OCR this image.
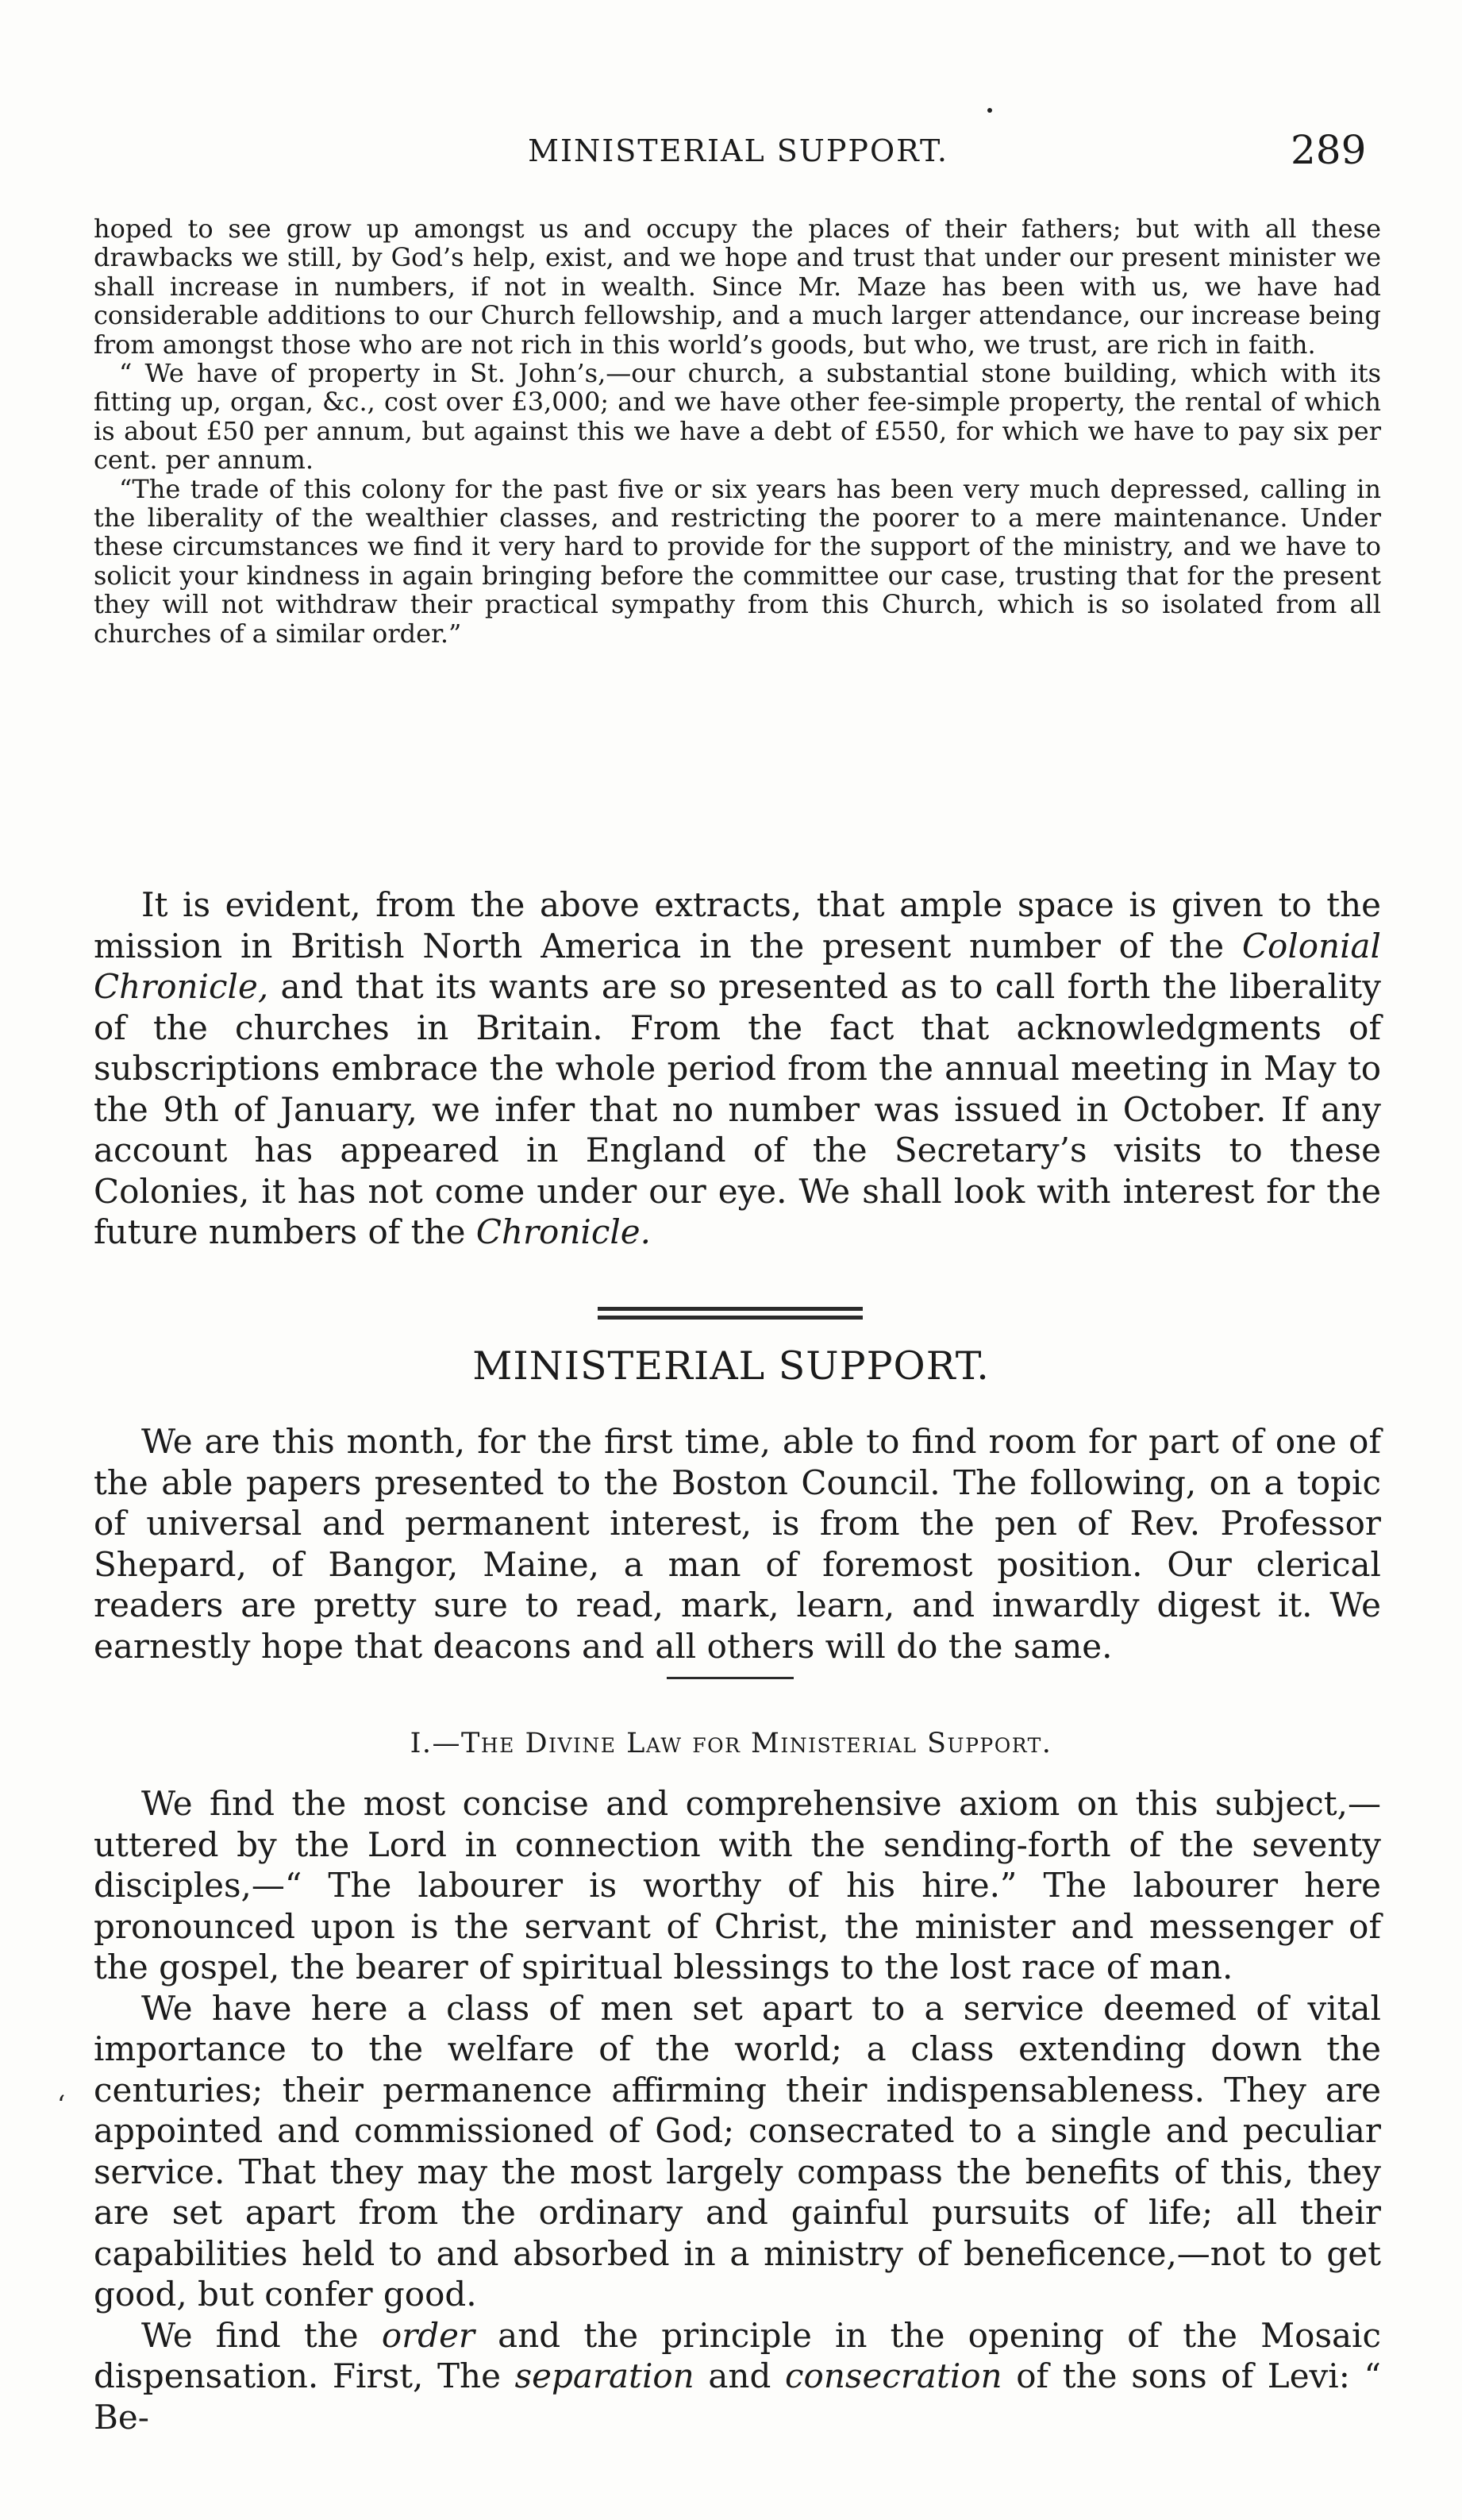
MINISTERIAL SUPPORT.	289

hoped to see grow up amongst us and occupy the places of their fathers; but with all these drawbacks we still, by God’s help, exist, and we hope and trust that under our present minister we shall increase in numbers, if not in wealth. Since Mr. Maze has been with us, we have had considerable additions to our Church fellowship, and a much larger attendance, our increase being from amongst those who are not rich in this world’s goods, but who, we trust, are rich in faith.

“ We have of property in St. John’s,—our church, a substantial stone building, which with its fitting up, organ, &c., cost over £3,000; and we have other fee-simple property, the rental of which is about £50 per annum, but against this we have a debt of £550, for which we have to pay six per cent. per annum.

“The trade of this colony for the past five or six years has been very much depressed, calling in the liberality of the wealthier classes, and restricting the poorer to a mere maintenance. Under these circumstances we find it very hard to provide for the support of the ministry, and we have to solicit your kindness in again bringing before the committee our case, trusting that for the present they will not withdraw their practical sympathy from this Church, which is so isolated from all churches of a similar order.”

It is evident, from the above extracts, that ample space is given to the mission in British North America in the present number of the Colonial Chronicle, and that its wants are so presented as to call forth the liberality of the churches in Britain. From the fact that acknowledgments of subscriptions embrace the whole period from the annual meeting in May to the 9th of January, we infer that no number was issued in October. If any account has appeared in England of the Secretary’s visits to these Colonies, it has not come under our eye. We shall look with interest for the future numbers of the Chronicle.

MINISTERIAL SUPPORT.

We are this month, for the first time, able to find room for part of one of the able papers presented to the Boston Council. The following, on a topic of universal and permanent interest, is from the pen of Rev. Professor Shepard, of Bangor, Maine, a man of foremost position. Our clerical readers are pretty sure to read, mark, learn, and inwardly digest it. We earnestly hope that deacons and all others will do the same.

I.—The Divine Law for Ministerial Support.

We find the most concise and comprehensive axiom on this subject,—uttered by the Lord in connection with the sending-forth of the seventy disciples,—“ The labourer is worthy of his hire.” The labourer here pronounced upon is the servant of Christ, the minister and messenger of the gospel, the bearer of spiritual blessings to the lost race of man.

We have here a class of men set apart to a service deemed of vital importance to the welfare of the world; a class extending down the centuries; their permanence affirming their indispensableness. They are appointed and commissioned of God; consecrated to a single and peculiar service. That they may the most largely compass the benefits of this, they are set apart from the ordinary and gainful pursuits of life; all their capabilities held to and absorbed in a ministry of beneficence,—not to get good, but confer good.

We find the order and the principle in the opening of the Mosaic dispensation. First, The separation and consecration of the sons of Levi: “ Be-

‘
